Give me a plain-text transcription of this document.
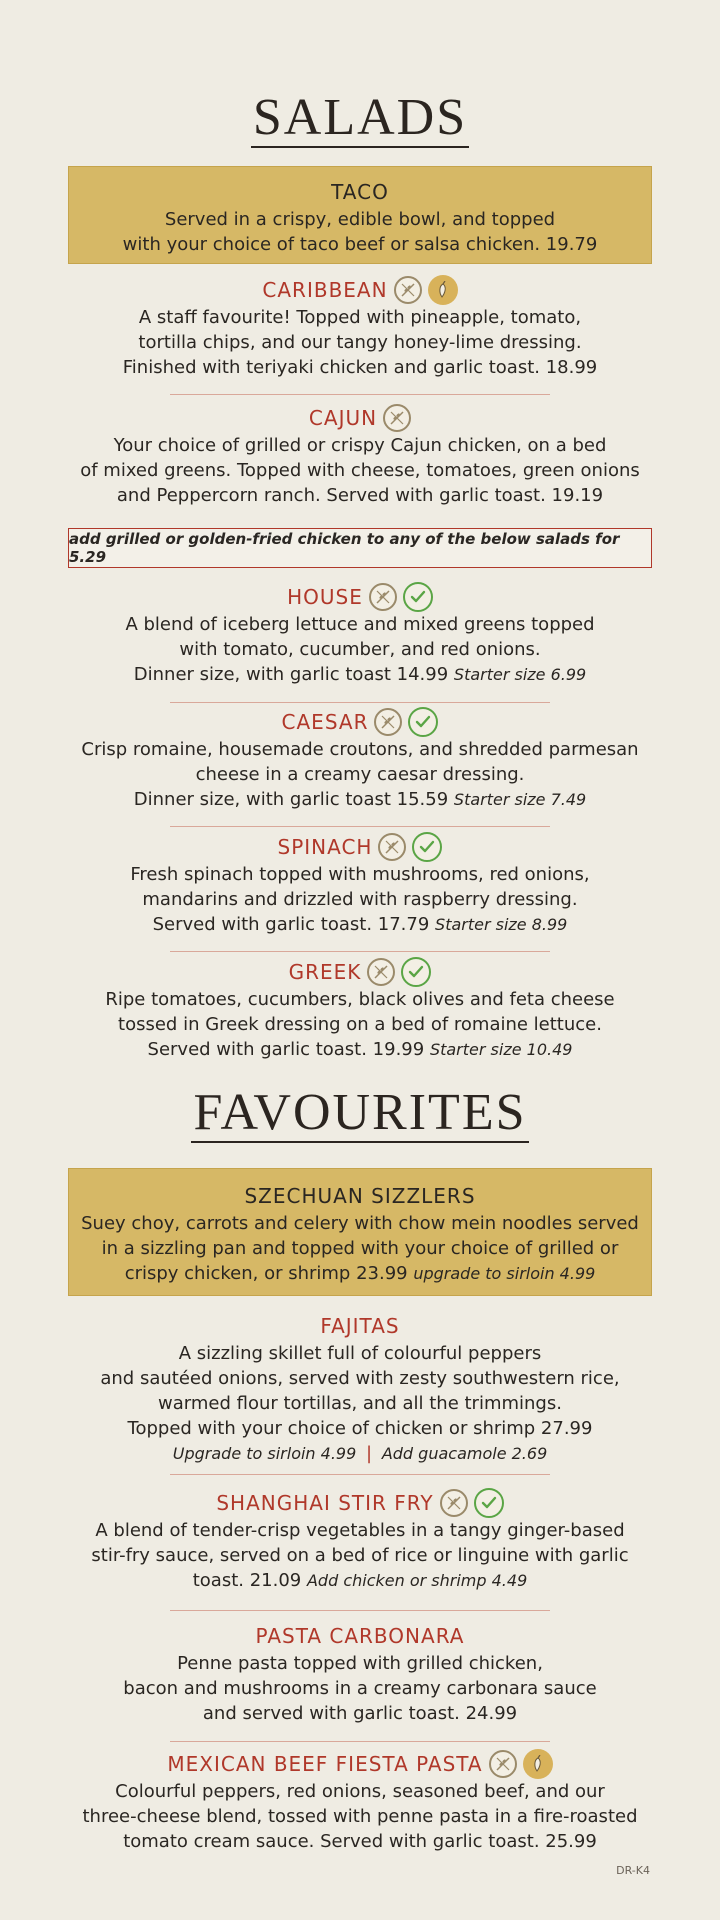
SALADS
TACO

Served in a crispy, edible bowl, and topped

with your choice of taco beef or salsa chicken. 19.79

CARIBBEAN

A staff favourite! Topped with pineapple, tomato,

tortilla chips, and our tangy honey-lime dressing.

Finished with teriyaki chicken and garlic toast. 18.99

CAJUN

Your choice of grilled or crispy Cajun chicken, on a bed

of mixed greens. Topped with cheese, tomatoes, green onions

and Peppercorn ranch. Served with garlic toast. 19.19

add grilled or golden-fried chicken to any of the below salads for 5.29
HOUSE

A blend of iceberg lettuce and mixed greens topped

with tomato, cucumber, and red onions.

Dinner size, with garlic toast 14.99 Starter size 6.99

CAESAR

Crisp romaine, housemade croutons, and shredded parmesan

cheese in a creamy caesar dressing.

Dinner size, with garlic toast 15.59 Starter size 7.49

SPINACH

Fresh spinach topped with mushrooms, red onions,

mandarins and drizzled with raspberry dressing.

Served with garlic toast. 17.79 Starter size 8.99

GREEK

Ripe tomatoes, cucumbers, black olives and feta cheese

tossed in Greek dressing on a bed of romaine lettuce.

Served with garlic toast. 19.99 Starter size 10.49

FAVOURITES
SZECHUAN SIZZLERS

Suey choy, carrots and celery with chow mein noodles served

in a sizzling pan and topped with your choice of grilled or

crispy chicken, or shrimp 23.99 upgrade to sirloin 4.99

FAJITAS

A sizzling skillet full of colourful peppers

and sautéed onions, served with zesty southwestern rice,

warmed flour tortillas, and all the trimmings.

Topped with your choice of chicken or shrimp 27.99

Upgrade to sirloin 4.99 | Add guacamole 2.69

SHANGHAI STIR FRY

A blend of tender-crisp vegetables in a tangy ginger-based

stir-fry sauce, served on a bed of rice or linguine with garlic

toast. 21.09 Add chicken or shrimp 4.49

PASTA CARBONARA

Penne pasta topped with grilled chicken,

bacon and mushrooms in a creamy carbonara sauce

and served with garlic toast. 24.99

MEXICAN BEEF FIESTA PASTA

Colourful peppers, red onions, seasoned beef, and our

three-cheese blend, tossed with penne pasta in a fire-roasted

tomato cream sauce. Served with garlic toast. 25.99

DR-K4
